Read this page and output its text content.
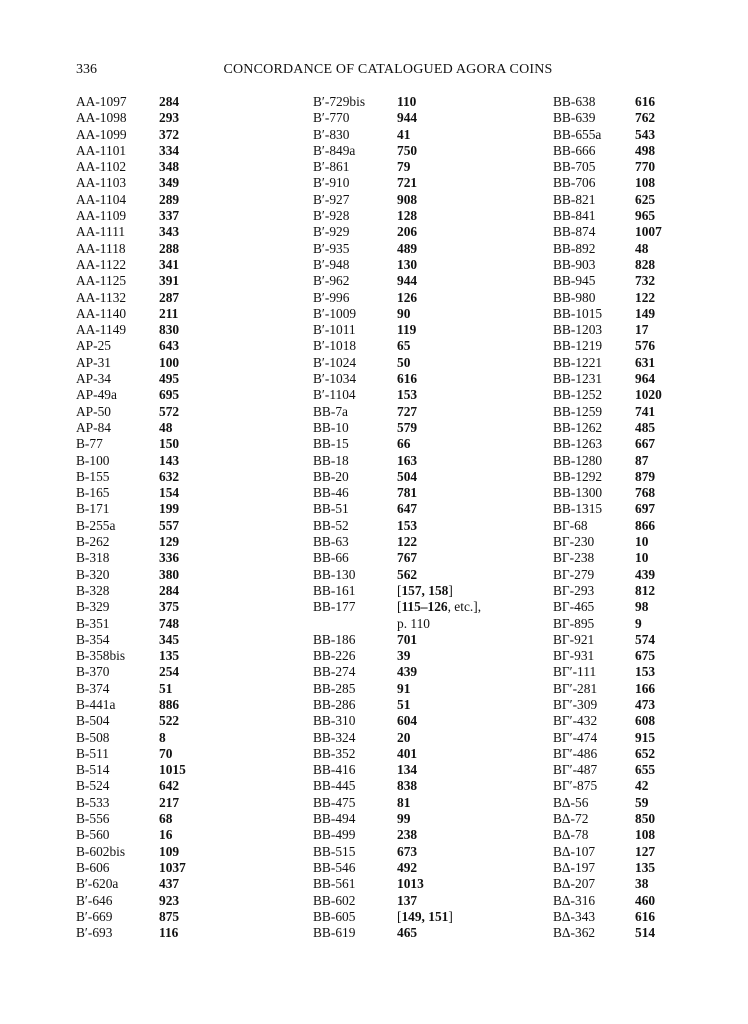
336	CONCORDANCE OF CATALOGUED AGORA COINS
AA-1097 284
AA-1098 293
AA-1099 372
AA-1101 334
AA-1102 348
AA-1103 349
AA-1104 289
AA-1109 337
AA-1111	343
AA-1118 288
AA-1122 341
AA-1125 391
AA-1132 287
AA-1140 211
AA-1149 830
AP-25	643
AP-31	100
AP-34	495
AP-49a	695
AP-50	572
AP-84	48
B-77	150
B-100	143
B-155	632
B-165	154
B-171	199
B-255a	557
B-262	129
B-318	336
B-320	380
B-328	284
B-329	375
B-351	748
B-354	345
B-358bis	135
B-370	254
B-374	51
B-441a	886
B-504	522
B-508	8
B-511	70
B-514	1015
B-524	642
B-533	217
B-556	68
B-560	16
B-602bis	109
B-606	1037
B′-620a	437
B′-646	923
B′-669	875
B′-693	116
B′-729bis 110
B′-770	944
B′-830	41
B′-849a	750
B′-861	79
B′-910	721
B′-927	908
B′-928	128
B′-929	206
B′-935	489
B′-948	130
B′-962	944
B′-996	126
B′-1009	90
B′-1011	119
B′-1018	65
B′-1024	50
B′-1034	616
B′-1104	153
BB-7a	727
BB-10	579
BB-15	66
BB-18	163
BB-20	504
BB-46	781
BB-51	647
BB-52	153
BB-63	122
BB-66	767
BB-130	562
BB-161	[157, 158]
BB-177	[115–126, etc.],
p. 110
BB-186	701
BB-226	39
BB-274	439
BB-285	91
BB-286	51
BB-310	604
BB-324	20
BB-352	401
BB-416	134
BB-445	838
BB-475	81
BB-494	99
BB-499	238
BB-515	673
BB-546	492
BB-561	1013
BB-602	137
BB-605	[149, 151]
BB-619	465
BB-638	616
BB-639	762
BB-655a	543
BB-666	498
BB-705	770
BB-706	108
BB-821	625
BB-841	965
BB-874	1007
BB-892	48
BB-903	828
BB-945	732
BB-980	122
BB-1015 149
BB-1203 17
BB-1219 576
BB-1221 631
BB-1231 964
BB-1252 1020
BB-1259 741
BB-1262 485
BB-1263 667
BB-1280 87
BB-1292 879
BB-1300 768
BB-1315 697
BΓ-68	866
BΓ-230	10
BΓ-238	10
BΓ-279	439
BΓ-293	812
BΓ-465	98
BΓ-895	9
BΓ-921	574
BΓ-931	675
BΓ′-111	153
BΓ′-281	166
BΓ′-309	473
BΓ′-432	608
BΓ′-474	915
BΓ′-486	652
BΓ′-487	655
BΓ′-875	42
BΔ-56	59
BΔ-72	850
BΔ-78	108
BΔ-107	127
BΔ-197	135
BΔ-207	38
BΔ-316	460
BΔ-343	616
BΔ-362	514
